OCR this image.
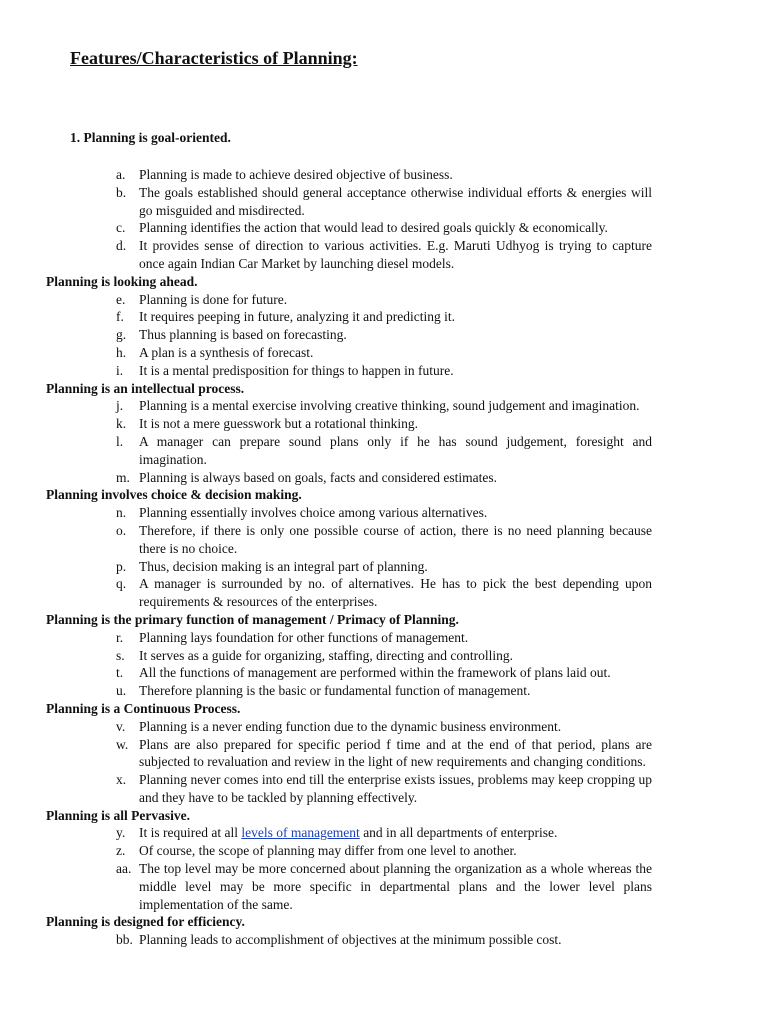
Features/Characteristics of Planning:
1. Planning is goal-oriented.
a.	Planning is made to achieve desired objective of business.
b. The goals established should general acceptance otherwise individual efforts & energies will go misguided and misdirected.
c.	Planning identifies the action that would lead to desired goals quickly & economically.
d. It provides sense of direction to various activities. E.g. Maruti Udhyog is trying to capture once again Indian Car Market by launching diesel models.

Planning is looking ahead.

e.	Planning is done for future.
f.	It requires peeping in future, analyzing it and predicting it.
g. Thus planning is based on forecasting.
h. A plan is a synthesis of forecast.
i.	It is a mental predisposition for things to happen in future.

Planning is an intellectual process.

j.	Planning is a mental exercise involving creative thinking, sound judgement and imagination.
k. It is not a mere guesswork but a rotational thinking.
l.	A manager can prepare sound plans only if he has sound judgement, foresight and imagination.
m. Planning is always based on goals, facts and considered estimates.

Planning involves choice & decision making.

n. Planning essentially involves choice among various alternatives.
o. Therefore, if there is only one possible course of action, there is no need planning because there is no choice.
p. Thus, decision making is an integral part of planning.
q. A manager is surrounded by no. of alternatives. He has to pick the best depending upon requirements & resources of the enterprises.

Planning is the primary function of management / Primacy of Planning.

r.	Planning lays foundation for other functions of management.
s.	It serves as a guide for organizing, staffing, directing and controlling.
t.	All the functions of management are performed within the framework of plans laid out.
u. Therefore planning is the basic or fundamental function of management.

Planning is a Continuous Process.

v.	Planning is a never ending function due to the dynamic business environment.
w. Plans are also prepared for specific period f time and at the end of that period, plans are subjected to revaluation and review in the light of new requirements and changing conditions.
x. Planning never comes into end till the enterprise exists issues, problems may keep cropping up and they have to be tackled by planning effectively.

Planning is all Pervasive.

y.	It is required at all levels of management and in all departments of enterprise.
z.	Of course, the scope of planning may differ from one level to another.
aa. The top level may be more concerned about planning the organization as a whole whereas the middle level may be more specific in departmental plans and the lower level plans implementation of the same.

Planning is designed for efficiency.

bb. Planning leads to accomplishment of objectives at the minimum possible cost.
